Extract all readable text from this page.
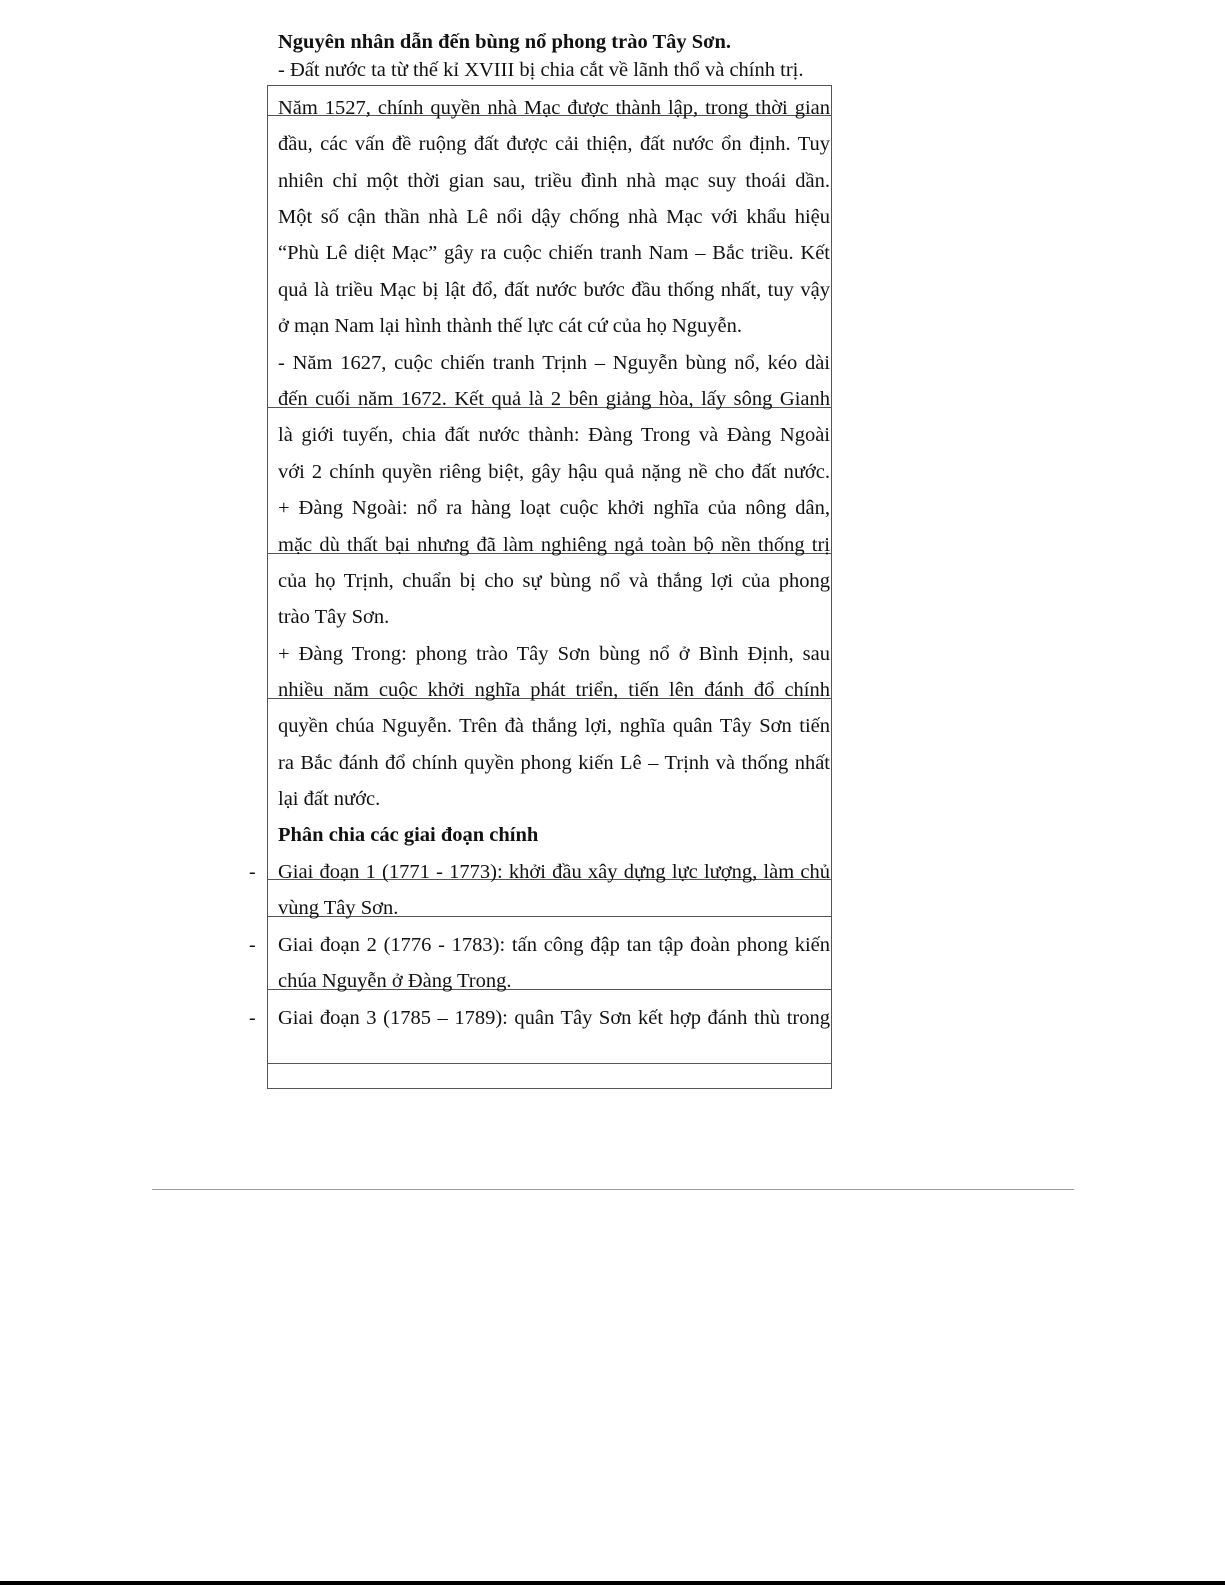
Nguyên nhân dẫn đến bùng nổ phong trào Tây Sơn.
- Đất nước ta từ thế kỉ XVIII bị chia cắt về lãnh thổ và chính trị.
Năm 1527, chính quyền nhà Mạc được thành lập, trong thời gian
đầu, các vấn đề ruộng đất được cải thiện, đất nước ổn định. Tuy
nhiên chỉ một thời gian sau, triều đình nhà mạc suy thoái dần.
Một số cận thần nhà Lê nổi dậy chống nhà Mạc với khẩu hiệu
“Phù Lê diệt Mạc” gây ra cuộc chiến tranh Nam – Bắc triều. Kết
quả là triều Mạc bị lật đổ, đất nước bước đầu thống nhất, tuy vậy
ở mạn Nam lại hình thành thế lực cát cứ của họ Nguyễn.
- Năm 1627, cuộc chiến tranh Trịnh – Nguyễn bùng nổ, kéo dài
đến cuối năm 1672. Kết quả là 2 bên giảng hòa, lấy sông Gianh
là giới tuyến, chia đất nước thành: Đàng Trong và Đàng Ngoài
với 2 chính quyền riêng biệt, gây hậu quả nặng nề cho đất nước.
+ Đàng Ngoài: nổ ra hàng loạt cuộc khởi nghĩa của nông dân,
mặc dù thất bại nhưng đã làm nghiêng ngả toàn bộ nền thống trị
của họ Trịnh, chuẩn bị cho sự bùng nổ và thắng lợi của phong
trào Tây Sơn.
+ Đàng Trong: phong trào Tây Sơn bùng nổ ở Bình Định, sau
nhiều năm cuộc khởi nghĩa phát triển, tiến lên đánh đổ chính
quyền chúa Nguyễn. Trên đà thắng lợi, nghĩa quân Tây Sơn tiến
ra Bắc đánh đổ chính quyền phong kiến Lê – Trịnh và thống nhất
lại đất nước.
Phân chia các giai đoạn chính
- Giai đoạn 1 (1771 - 1773): khởi đầu xây dựng lực lượng, làm chủ
vùng Tây Sơn.
- Giai đoạn 2 (1776 - 1783): tấn công đập tan tập đoàn phong kiến
chúa Nguyễn ở Đàng Trong.
- Giai đoạn 3 (1785 – 1789): quân Tây Sơn kết hợp đánh thù trong
